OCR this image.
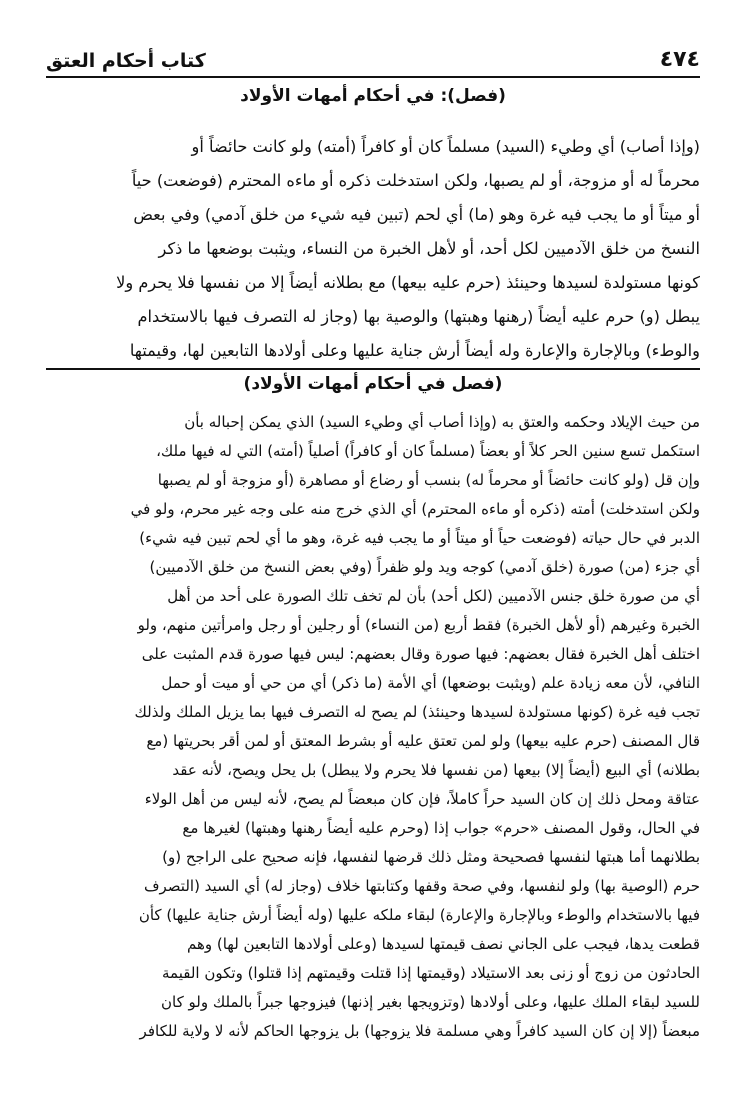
٤٧٤
كتاب أحكام العتق
(فصل): في أحكام أمهات الأولاد
(وإذا أصاب) أي وطيء (السيد) مسلماً كان أو كافراً (أمته) ولو كانت حائضاً أو
محرماً له أو مزوجة، أو لم يصبها، ولكن استدخلت ذكره أو ماءه المحترم (فوضعت) حياً
أو ميتاً أو ما يجب فيه غرة وهو (ما) أي لحم (تبين فيه شيء من خلق آدمي) وفي بعض
النسخ من خلق الآدميين لكل أحد، أو لأهل الخبرة من النساء، ويثبت بوضعها ما ذكر
كونها مستولدة لسيدها وحينئذ (حرم عليه بيعها) مع بطلانه أيضاً إلا من نفسها فلا يحرم ولا
يبطل (و) حرم عليه أيضاً (رهنها وهبتها) والوصية بها (وجاز له التصرف فيها بالاستخدام
والوطء) وبالإجارة والإعارة وله أيضاً أرش جناية عليها وعلى أولادها التابعين لها، وقيمتها
(فصل في أحكام أمهات الأولاد)
من حيث الإيلاد وحكمه والعتق به (وإذا أصاب أي وطيء السيد) الذي يمكن إحباله بأن
استكمل تسع سنين الحر كلاً أو بعضاً (مسلماً كان أو كافراً) أصلياً (أمته) التي له فيها ملك،
وإن قل (ولو كانت حائضاً أو محرماً له) بنسب أو رضاع أو مصاهرة (أو مزوجة أو لم يصبها
ولكن استدخلت) أمته (ذكره أو ماءه المحترم) أي الذي خرج منه على وجه غير محرم، ولو في
الدبر في حال حياته (فوضعت حياً أو ميتاً أو ما يجب فيه غرة، وهو ما أي لحم تبين فيه شيء)
أي جزء (من) صورة (خلق آدمي) كوجه ويد ولو ظفراً (وفي بعض النسخ من خلق الآدميين)
أي من صورة خلق جنس الآدميين (لكل أحد) بأن لم تخف تلك الصورة على أحد من أهل
الخبرة وغيرهم (أو لأهل الخبرة) فقط أربع (من النساء) أو رجلين أو رجل وامرأتين منهم، ولو
اختلف أهل الخبرة فقال بعضهم: فيها صورة وقال بعضهم: ليس فيها صورة قدم المثبت على
النافي، لأن معه زيادة علم (ويثبت بوضعها) أي الأمة (ما ذكر) أي من حي أو ميت أو حمل
تجب فيه غرة (كونها مستولدة لسيدها وحينئذ) لم يصح له التصرف فيها بما يزيل الملك ولذلك
قال المصنف (حرم عليه بيعها) ولو لمن تعتق عليه أو بشرط المعتق أو لمن أقر بحريتها (مع
بطلانه) أي البيع (أيضاً إلا) بيعها (من نفسها فلا يحرم ولا يبطل) بل يحل ويصح، لأنه عقد
عتاقة ومحل ذلك إن كان السيد حراً كاملاً، فإن كان مبعضاً لم يصح، لأنه ليس من أهل الولاء
في الحال، وقول المصنف «حرم» جواب إذا (وحرم عليه أيضاً رهنها وهبتها) لغيرها مع
بطلانهما أما هبتها لنفسها فصحيحة ومثل ذلك قرضها لنفسها، فإنه صحيح على الراجح (و)
حرم (الوصية بها) ولو لنفسها، وفي صحة وقفها وكتابتها خلاف (وجاز له) أي السيد (التصرف
فيها بالاستخدام والوطء وبالإجارة والإعارة) لبقاء ملكه عليها (وله أيضاً أرش جناية عليها) كأن
قطعت يدها، فيجب على الجاني نصف قيمتها لسيدها (وعلى أولادها التابعين لها) وهم
الحادثون من زوج أو زنى بعد الاستيلاد (وقيمتها إذا قتلت وقيمتهم إذا قتلوا) وتكون القيمة
للسيد لبقاء الملك عليها، وعلى أولادها (وتزويجها بغير إذنها) فيزوجها جبراً بالملك ولو كان
مبعضاً (إلا إن كان السيد كافراً وهي مسلمة فلا يزوجها) بل يزوجها الحاكم لأنه لا ولاية للكافر
